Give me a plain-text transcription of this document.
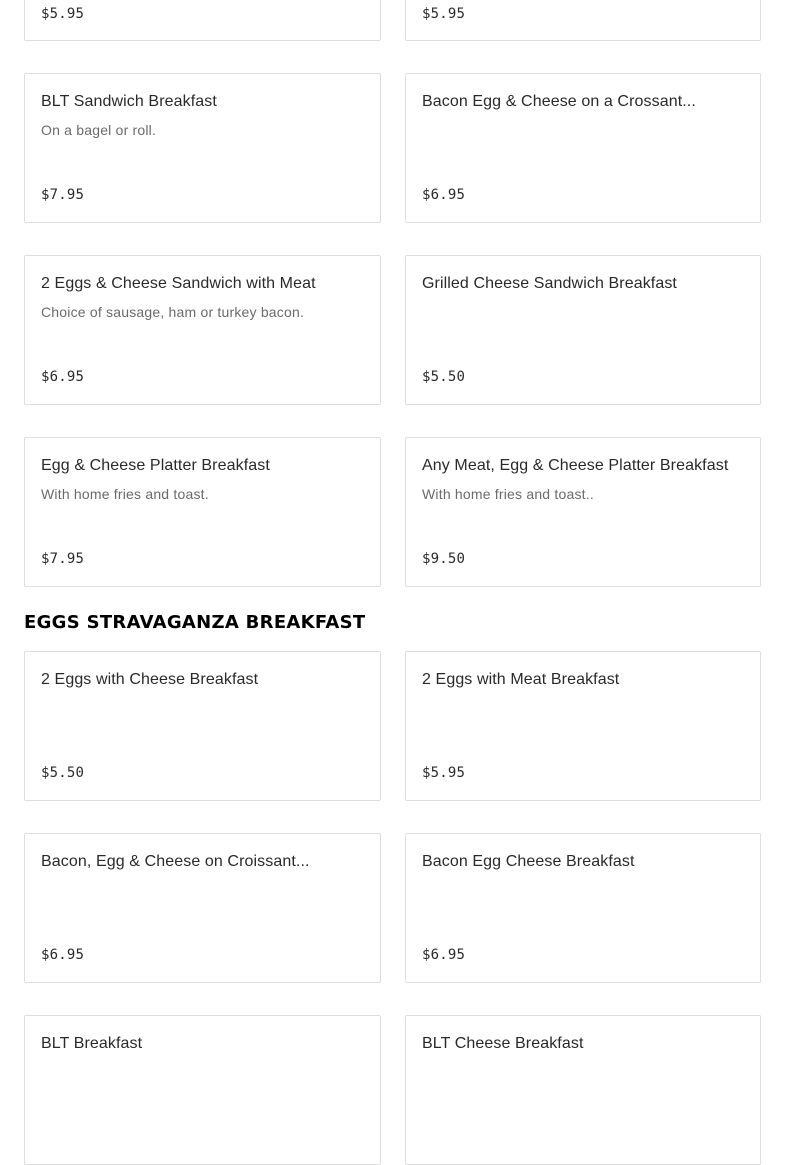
$5.95	$5.95
BLT Sandwich Breakfast
On a bagel or roll.
$7.95
Bacon Egg & Cheese on a Crossant...
$6.95
2 Eggs & Cheese Sandwich with Meat
Choice of sausage, ham or turkey bacon.
$6.95
Grilled Cheese Sandwich Breakfast
$5.50
Egg & Cheese Platter Breakfast
With home fries and toast.
$7.95
Any Meat, Egg & Cheese Platter Breakfast
With home fries and toast..
$9.50
EGGS STRAVAGANZA BREAKFAST
2 Eggs with Cheese Breakfast
$5.50
2 Eggs with Meat Breakfast
$5.95
Bacon, Egg & Cheese on Croissant...
$6.95
Bacon Egg Cheese Breakfast
$6.95
BLT Breakfast	BLT Cheese Breakfast
